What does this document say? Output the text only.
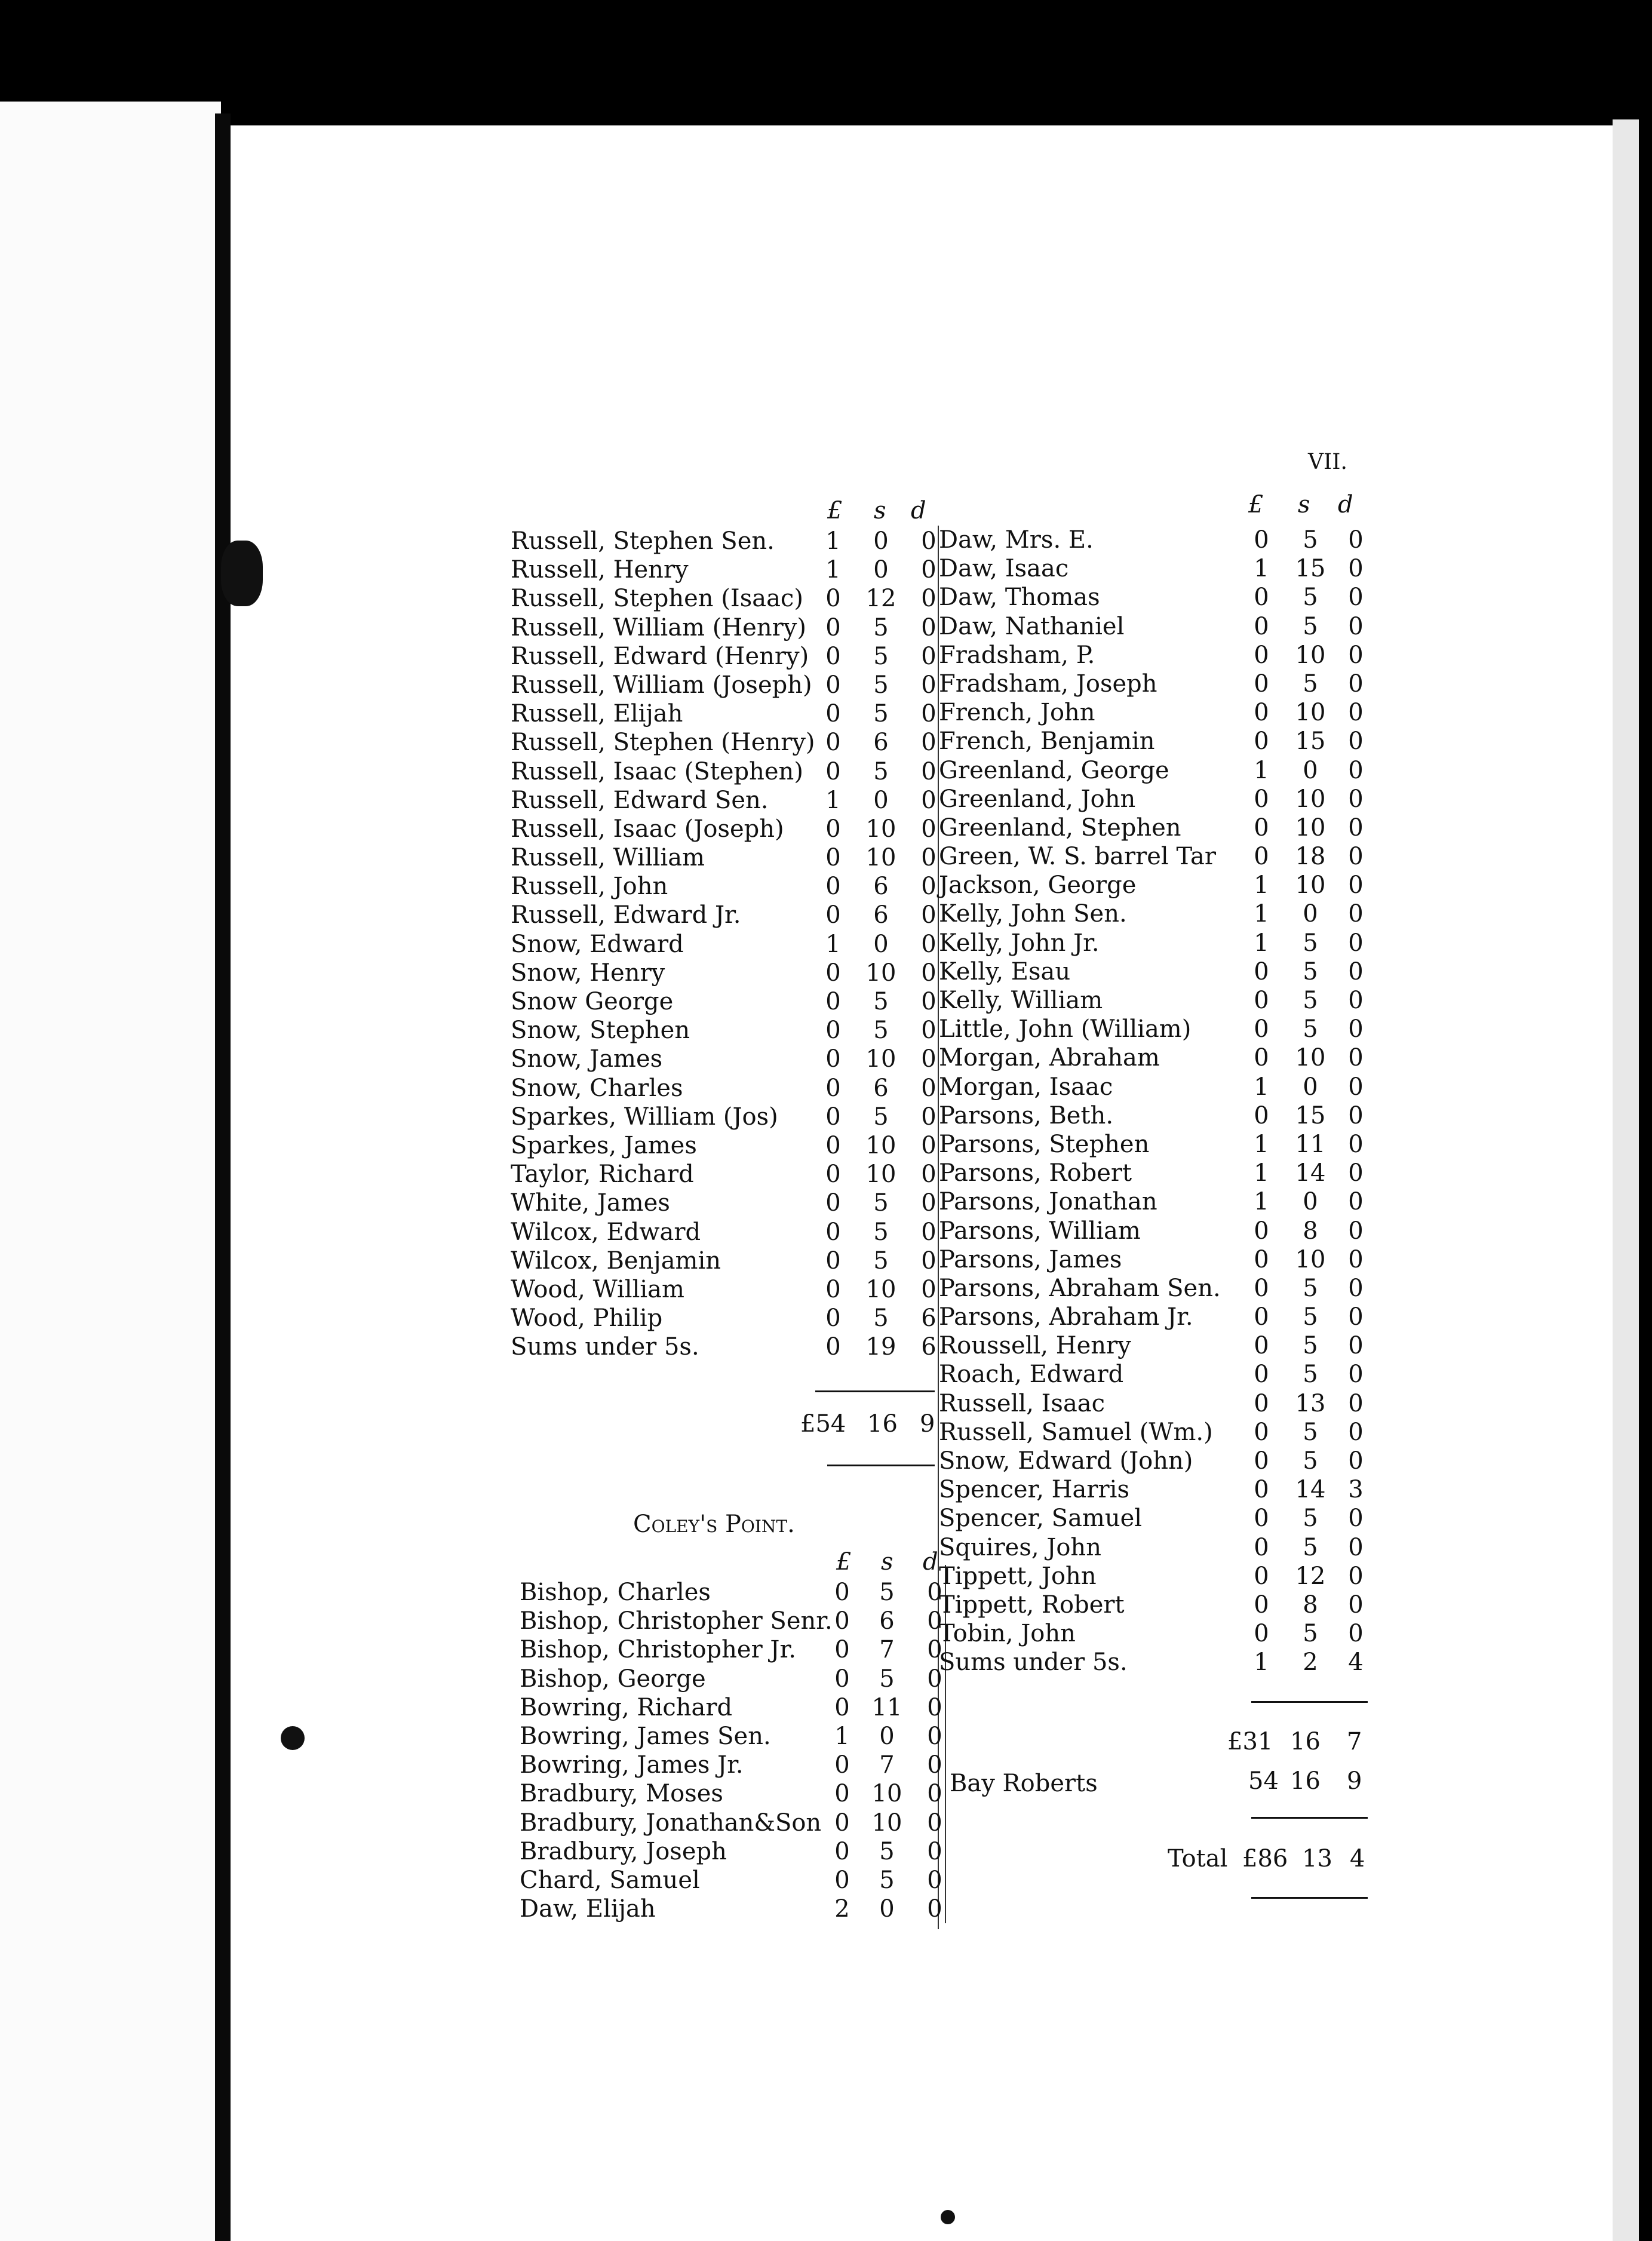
VII.
£ s d
Russell, Stephen Sen.	1	0	0
Russell, Henry	1	0	0
Russell, Stephen (Isaac) 0	12	0
Russell, William (Henry) 0	5	0
Russell, Edward (Henry) 0	5	0
Russell, William (Joseph) 0	5	0
Russell, Elijah	0	5	0
Russell, Stephen (Henry) 0	6	0
Russell, Isaac (Stephen) 0	5	0
Russell, Edward Sen.	1	0	0
Russell, Isaac (Joseph)	0	10	0
Russell, William	0	10	0
Russell, John	0	6	0
Russell, Edward Jr.	0	6	0
Snow, Edward	1	0	0
Snow, Henry	0	10	0
Snow George	0	5	0
Snow, Stephen	0	5	0
Snow, James	0	10	0
Snow, Charles	0	6	0
Sparkes, William (Jos)	0	5	0
Sparkes, James	0	10	0
Taylor, Richard	0	10	0
White, James	0	5	0
Wilcox, Edward	0	5	0
Wilcox, Benjamin	0	5	0
Wood, William	0	10	0
Wood, Philip	0	5	6
Sums under 5s.	0	19	6
£54 16 9
Coley's Point.
£ s d
Bishop, Charles	0	5	0
Bishop, Christopher Senr. 0	6	0
Bishop, Christopher Jr.	0	7	0
Bishop, George	0	5	0
Bowring, Richard	0 11	0
Bowring, James Sen.	1	0	0
Bowring, James Jr.	0	7	0
Bradbury, Moses	0 10	0
Bradbury, Jonathan&Son 0 10	0
Bradbury, Joseph	0	5	0
Chard, Samuel	0	5	0
Daw, Elijah	2	0	0
£ s d
Daw, Mrs. E.	0	5	0
Daw, Isaac	1	15 0
Daw, Thomas	0	5	0
Daw, Nathaniel	0	5	0
Fradsham, P.	0	10 0
Fradsham, Joseph	0	5	0
French, John	0	10 0
French, Benjamin	0	15 0
Greenland, George	1	0	0
Greenland, John	0	10 0
Greenland, Stephen	0	10 0
Green, W. S. barrel Tar	0	18 0
Jackson, George	1	10 0
Kelly, John Sen.	1	0	0
Kelly, John Jr.	1	5	0
Kelly, Esau	0	5	0
Kelly, William	0	5	0
Little, John (William)	0	5	0
Morgan, Abraham	0	10 0
Morgan, Isaac	1	0	0
Parsons, Beth.	0	15 0
Parsons, Stephen	1	11 0
Parsons, Robert	1	14 0
Parsons, Jonathan	1	0	0
Parsons, William	0	8	0
Parsons, James	0	10 0
Parsons, Abraham Sen.	0	5	0
Parsons, Abraham Jr.	0	5	0
Roussell, Henry	0	5	0
Roach, Edward	0	5	0
Russell, Isaac	0	13 0
Russell, Samuel (Wm.)	0	5	0
Snow, Edward (John)	0	5	0
Spencer, Harris	0	14 3
Spencer, Samuel	0	5	0
Squires, John	0	5	0
Tippett, John	0	12 0
Tippett, Robert	0	8	0
Tobin, John	0	5	0
Sums under 5s.	1	2	4
£31 16 7
Bay Roberts	54 16 9
Total £86 13 4
